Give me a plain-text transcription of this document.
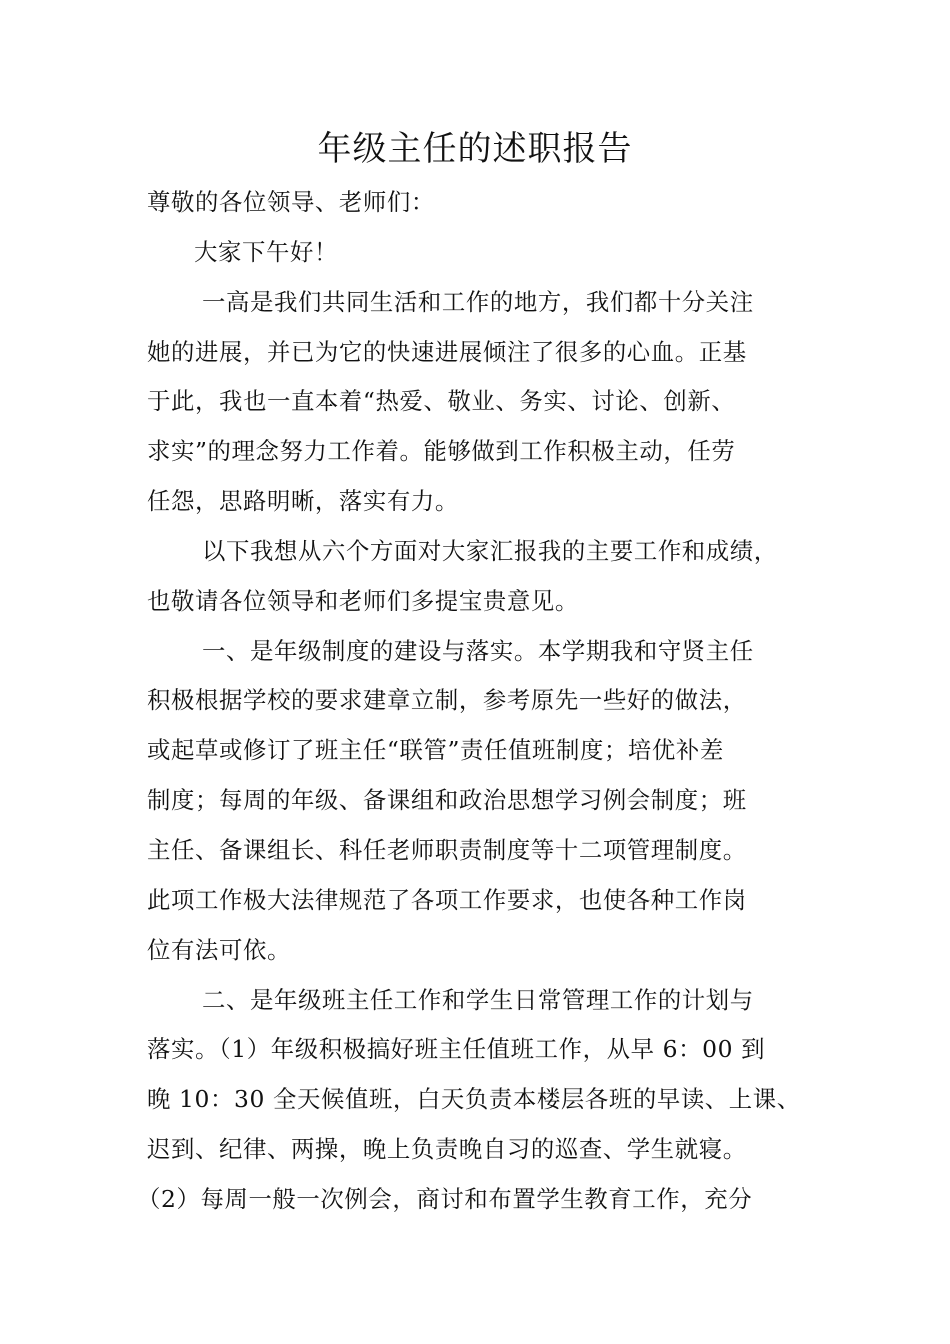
年级主任的述职报告
尊敬的各位领导、老师们：
大家下午好！
一高是我们共同生活和工作的地方，我们都十分关注
她的进展，并已为它的快速进展倾注了很多的心血。正基
于此，我也一直本着“热爱、敬业、务实、讨论、创新、
求实”的理念努力工作着。能够做到工作积极主动，任劳
任怨，思路明晰，落实有力。
以下我想从六个方面对大家汇报我的主要工作和成绩，
也敬请各位领导和老师们多提宝贵意见。
一、是年级制度的建设与落实。本学期我和守贤主任
积极根据学校的要求建章立制，参考原先一些好的做法，
或起草或修订了班主任“联管”责任值班制度；培优补差
制度；每周的年级、备课组和政治思想学习例会制度；班
主任、备课组长、科任老师职责制度等十二项管理制度。
此项工作极大法律规范了各项工作要求，也使各种工作岗
位有法可依。
二、是年级班主任工作和学生日常管理工作的计划与
落实。（1）年级积极搞好班主任值班工作，从早 6：00 到
晚 10：30 全天候值班，白天负责本楼层各班的早读、上课、
迟到、纪律、两操，晚上负责晚自习的巡查、学生就寝。
（2）每周一般一次例会，商讨和布置学生教育工作，充分
